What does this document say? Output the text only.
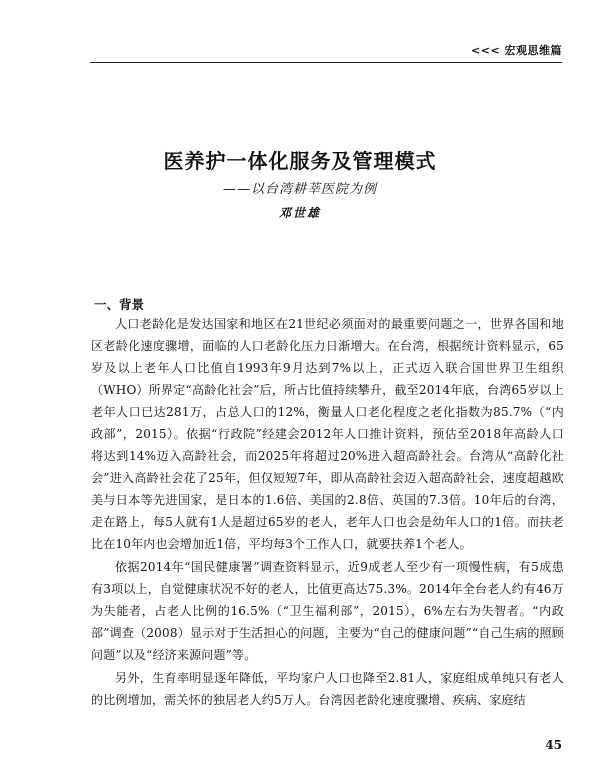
<<< 宏观思维篇
医养护一体化服务及管理模式
——以台湾耕莘医院为例
邓世雄
一、背景

人口老龄化是发达国家和地区在21世纪必须面对的最重要问题之一，世界各国和地区老龄化速度骤增，面临的人口老龄化压力日渐增大。在台湾，根据统计资料显示，65岁及以上老年人口比值自1993年9月达到7%以上，正式迈入联合国世界卫生组织（WHO）所界定“高龄化社会”后，所占比值持续攀升，截至2014年底，台湾65岁以上老年人口已达281万，占总人口的12%，衡量人口老化程度之老化指数为85.7%（“内政部”，2015）。依据“行政院”经建会2012年人口推计资料，预估至2018年高龄人口将达到14%迈入高龄社会，而2025年将超过20%进入超高龄社会。台湾从“高龄化社会”进入高龄社会花了25年，但仅短短7年，即从高龄社会迈入超高龄社会，速度超越欧美与日本等先进国家，是日本的1.6倍、美国的2.8倍、英国的7.3倍。10年后的台湾，走在路上，每5人就有1人是超过65岁的老人，老年人口也会是幼年人口的1倍。而扶老比在10年内也会增加近1倍，平均每3个工作人口，就要扶养1个老人。

依据2014年“国民健康署”调查资料显示，近9成老人至少有一项慢性病，有5成患有3项以上，自觉健康状况不好的老人，比值更高达75.3%。2014年全台老人约有46万为失能者，占老人比例的16.5%（“卫生福利部”，2015），6%左右为失智者。“内政部”调查（2008）显示对于生活担心的问题，主要为“自己的健康问题”“自己生病的照顾问题”以及“经济来源问题”等。

另外，生育率明显逐年降低，平均家户人口也降至2.81人，家庭组成单纯只有老人的比例增加，需关怀的独居老人约5万人。台湾因老龄化速度骤增、疾病、家庭结

45
